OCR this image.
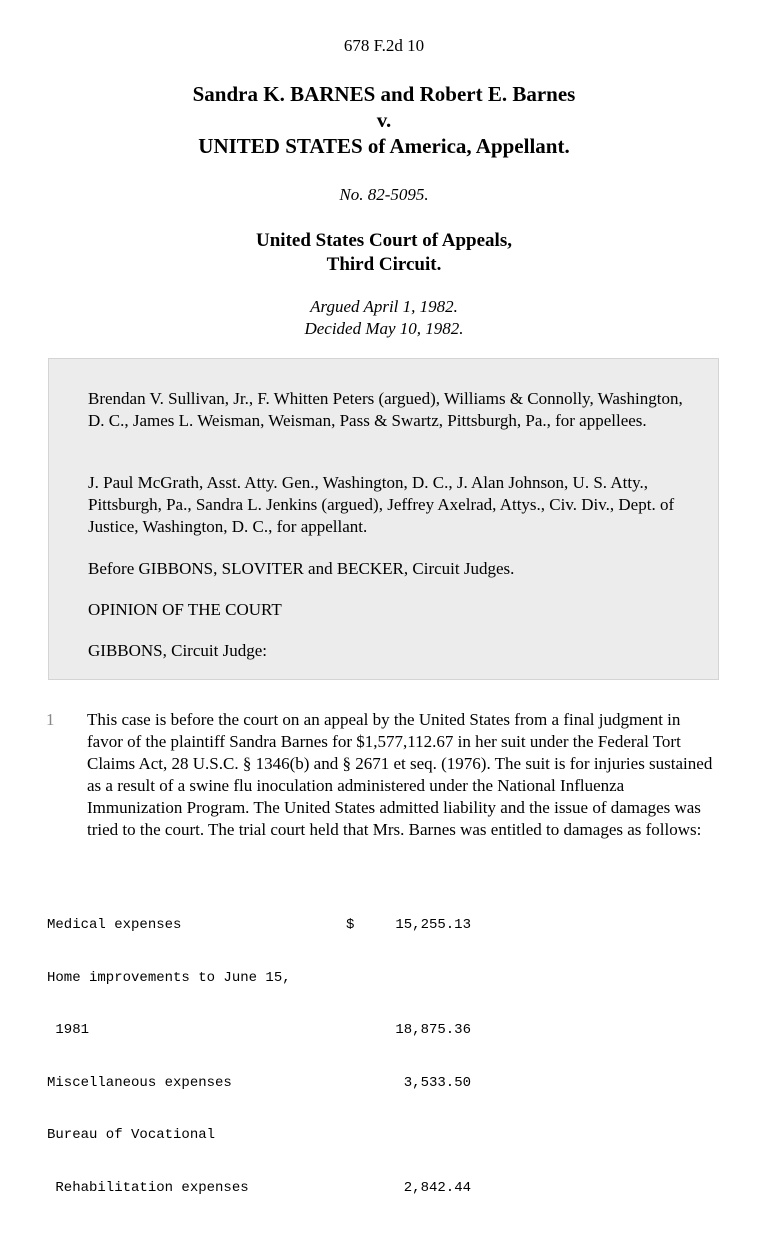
678 F.2d 10
Sandra K. BARNES and Robert E. Barnes
v.
UNITED STATES of America, Appellant.
No. 82-5095.
United States Court of Appeals,
Third Circuit.
Argued April 1, 1982.
Decided May 10, 1982.

Brendan V. Sullivan, Jr., F. Whitten Peters (argued), Williams & Connolly, Washington, D. C., James L. Weisman, Weisman, Pass & Swartz, Pittsburgh, Pa., for appellees.

J. Paul McGrath, Asst. Atty. Gen., Washington, D. C., J. Alan Johnson, U. S. Atty., Pittsburgh, Pa., Sandra L. Jenkins (argued), Jeffrey Axelrad, Attys., Civ. Div., Dept. of Justice, Washington, D. C., for appellant.

Before GIBBONS, SLOVITER and BECKER, Circuit Judges.

OPINION OF THE COURT

GIBBONS, Circuit Judge:

1 This case is before the court on an appeal by the United States from a final judgment in favor of the plaintiff Sandra Barnes for $1,577,112.67 in her suit under the Federal Tort Claims Act, 28 U.S.C. § 1346(b) and § 2671 et seq. (1976). The suit is for injuries sustained as a result of a swine flu inoculation administered under the National Influenza Immunization Program. The United States admitted liability and the issue of damages was tried to the court. The trial court held that Mrs. Barnes was entitled to damages as follows:

Medical expenses

	$

	15,255.13

Home improvements to June 15,

1981

	18,875.36

Miscellaneous expenses

	3,533.50

Bureau of Vocational

Rehabilitation expenses

	2,842.44
